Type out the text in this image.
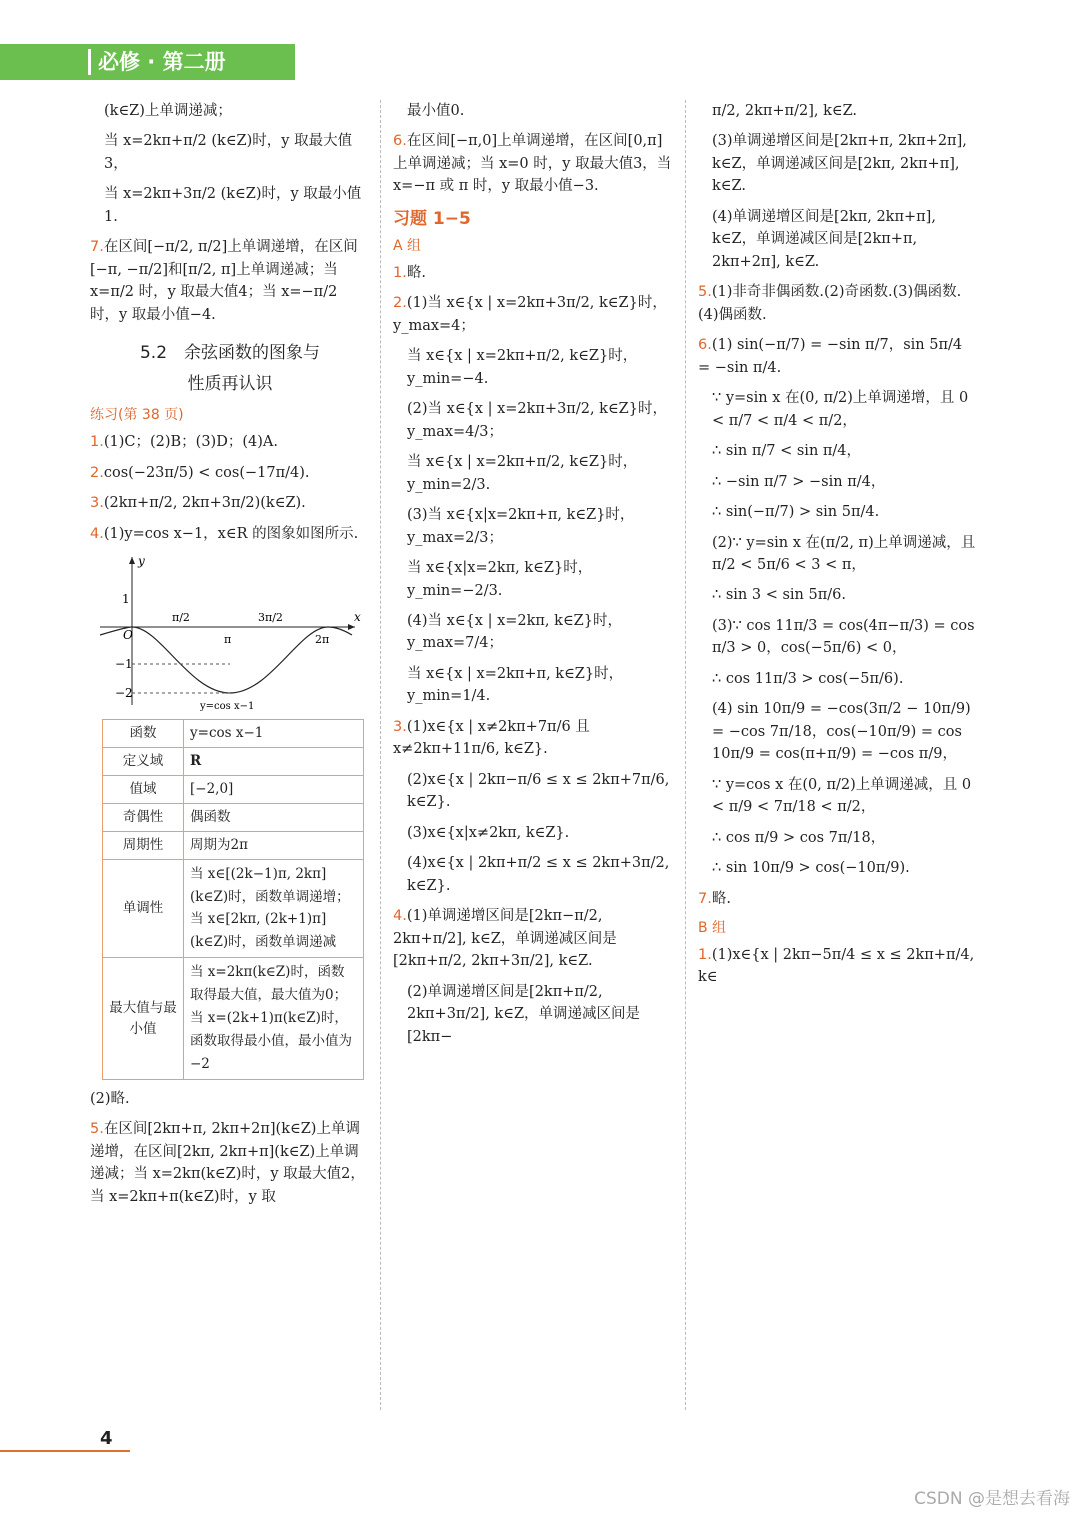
必修 · 第二册

(k∈Z)上单调递减；

当 x=2kπ+π/2 (k∈Z)时，y 取最大值3，

当 x=2kπ+3π/2 (k∈Z)时，y 取最小值1.

7.在区间[−π/2, π/2]上单调递增，在区间[−π, −π/2]和[π/2, π]上单调递减；当 x=π/2 时，y 取最大值4；当 x=−π/2 时，y 取最小值−4.

5.2　余弦函数的图象与
性质再认识
练习(第 38 页)

1.(1)C；(2)B；(3)D；(4)A.

2.cos(−23π/5) < cos(−17π/4).

3.(2kπ+π/2, 2kπ+3π/2)(k∈Z).

4.(1)y=cos x−1，x∈R 的图象如图所示.

y
x
O
1
−1
−2
π/2
π
3π/2
2π
y=cos x−1
函数	y=cos x−1
定义域	R
值域	[−2,0]
奇偶性	偶函数
周期性	周期为2π
单调性	当 x∈[(2k−1)π, 2kπ](k∈Z)时，函数单调递增；当 x∈[2kπ, (2k+1)π](k∈Z)时，函数单调递减
最大值与最小值	当 x=2kπ(k∈Z)时，函数取得最大值，最大值为0；当 x=(2k+1)π(k∈Z)时，函数取得最小值，最小值为−2

(2)略.

5.在区间[2kπ+π, 2kπ+2π](k∈Z)上单调递增，在区间[2kπ, 2kπ+π](k∈Z)上单调递减；当 x=2kπ(k∈Z)时，y 取最大值2，当 x=2kπ+π(k∈Z)时，y 取

最小值0.

6.在区间[−π,0]上单调递增，在区间[0,π]上单调递减；当 x=0 时，y 取最大值3，当 x=−π 或 π 时，y 取最小值−3.

习题 1−5
A 组

1.略.

2.(1)当 x∈{x | x=2kπ+3π/2, k∈Z}时，y_max=4；

当 x∈{x | x=2kπ+π/2, k∈Z}时，y_min=−4.

(2)当 x∈{x | x=2kπ+3π/2, k∈Z}时，y_max=4/3；

当 x∈{x | x=2kπ+π/2, k∈Z}时，y_min=2/3.

(3)当 x∈{x|x=2kπ+π, k∈Z}时，y_max=2/3；

当 x∈{x|x=2kπ, k∈Z}时，y_min=−2/3.

(4)当 x∈{x | x=2kπ, k∈Z}时，y_max=7/4；

当 x∈{x | x=2kπ+π, k∈Z}时，y_min=1/4.

3.(1)x∈{x | x≠2kπ+7π/6 且 x≠2kπ+11π/6, k∈Z}.

(2)x∈{x | 2kπ−π/6 ≤ x ≤ 2kπ+7π/6, k∈Z}.

(3)x∈{x|x≠2kπ, k∈Z}.

(4)x∈{x | 2kπ+π/2 ≤ x ≤ 2kπ+3π/2, k∈Z}.

4.(1)单调递增区间是[2kπ−π/2, 2kπ+π/2], k∈Z，单调递减区间是[2kπ+π/2, 2kπ+3π/2], k∈Z.

(2)单调递增区间是[2kπ+π/2, 2kπ+3π/2], k∈Z，单调递减区间是[2kπ−

π/2, 2kπ+π/2], k∈Z.

(3)单调递增区间是[2kπ+π, 2kπ+2π], k∈Z，单调递减区间是[2kπ, 2kπ+π], k∈Z.

(4)单调递增区间是[2kπ, 2kπ+π], k∈Z，单调递减区间是[2kπ+π, 2kπ+2π], k∈Z.

5.(1)非奇非偶函数.(2)奇函数.(3)偶函数.(4)偶函数.

6.(1) sin(−π/7) = −sin π/7，sin 5π/4 = −sin π/4.

∵ y=sin x 在(0, π/2)上单调递增，且 0 < π/7 < π/4 < π/2，

∴ sin π/7 < sin π/4，

∴ −sin π/7 > −sin π/4，

∴ sin(−π/7) > sin 5π/4.

(2)∵ y=sin x 在(π/2, π)上单调递减，且 π/2 < 5π/6 < 3 < π，

∴ sin 3 < sin 5π/6.

(3)∵ cos 11π/3 = cos(4π−π/3) = cos π/3 > 0，cos(−5π/6) < 0，

∴ cos 11π/3 > cos(−5π/6).

(4) sin 10π/9 = −cos(3π/2 − 10π/9) = −cos 7π/18，cos(−10π/9) = cos 10π/9 = cos(π+π/9) = −cos π/9，

∵ y=cos x 在(0, π/2)上单调递减，且 0 < π/9 < 7π/18 < π/2，

∴ cos π/9 > cos 7π/18，

∴ sin 10π/9 > cos(−10π/9).

7.略.

B 组

1.(1)x∈{x | 2kπ−5π/4 ≤ x ≤ 2kπ+π/4, k∈

4
CSDN @是想去看海
